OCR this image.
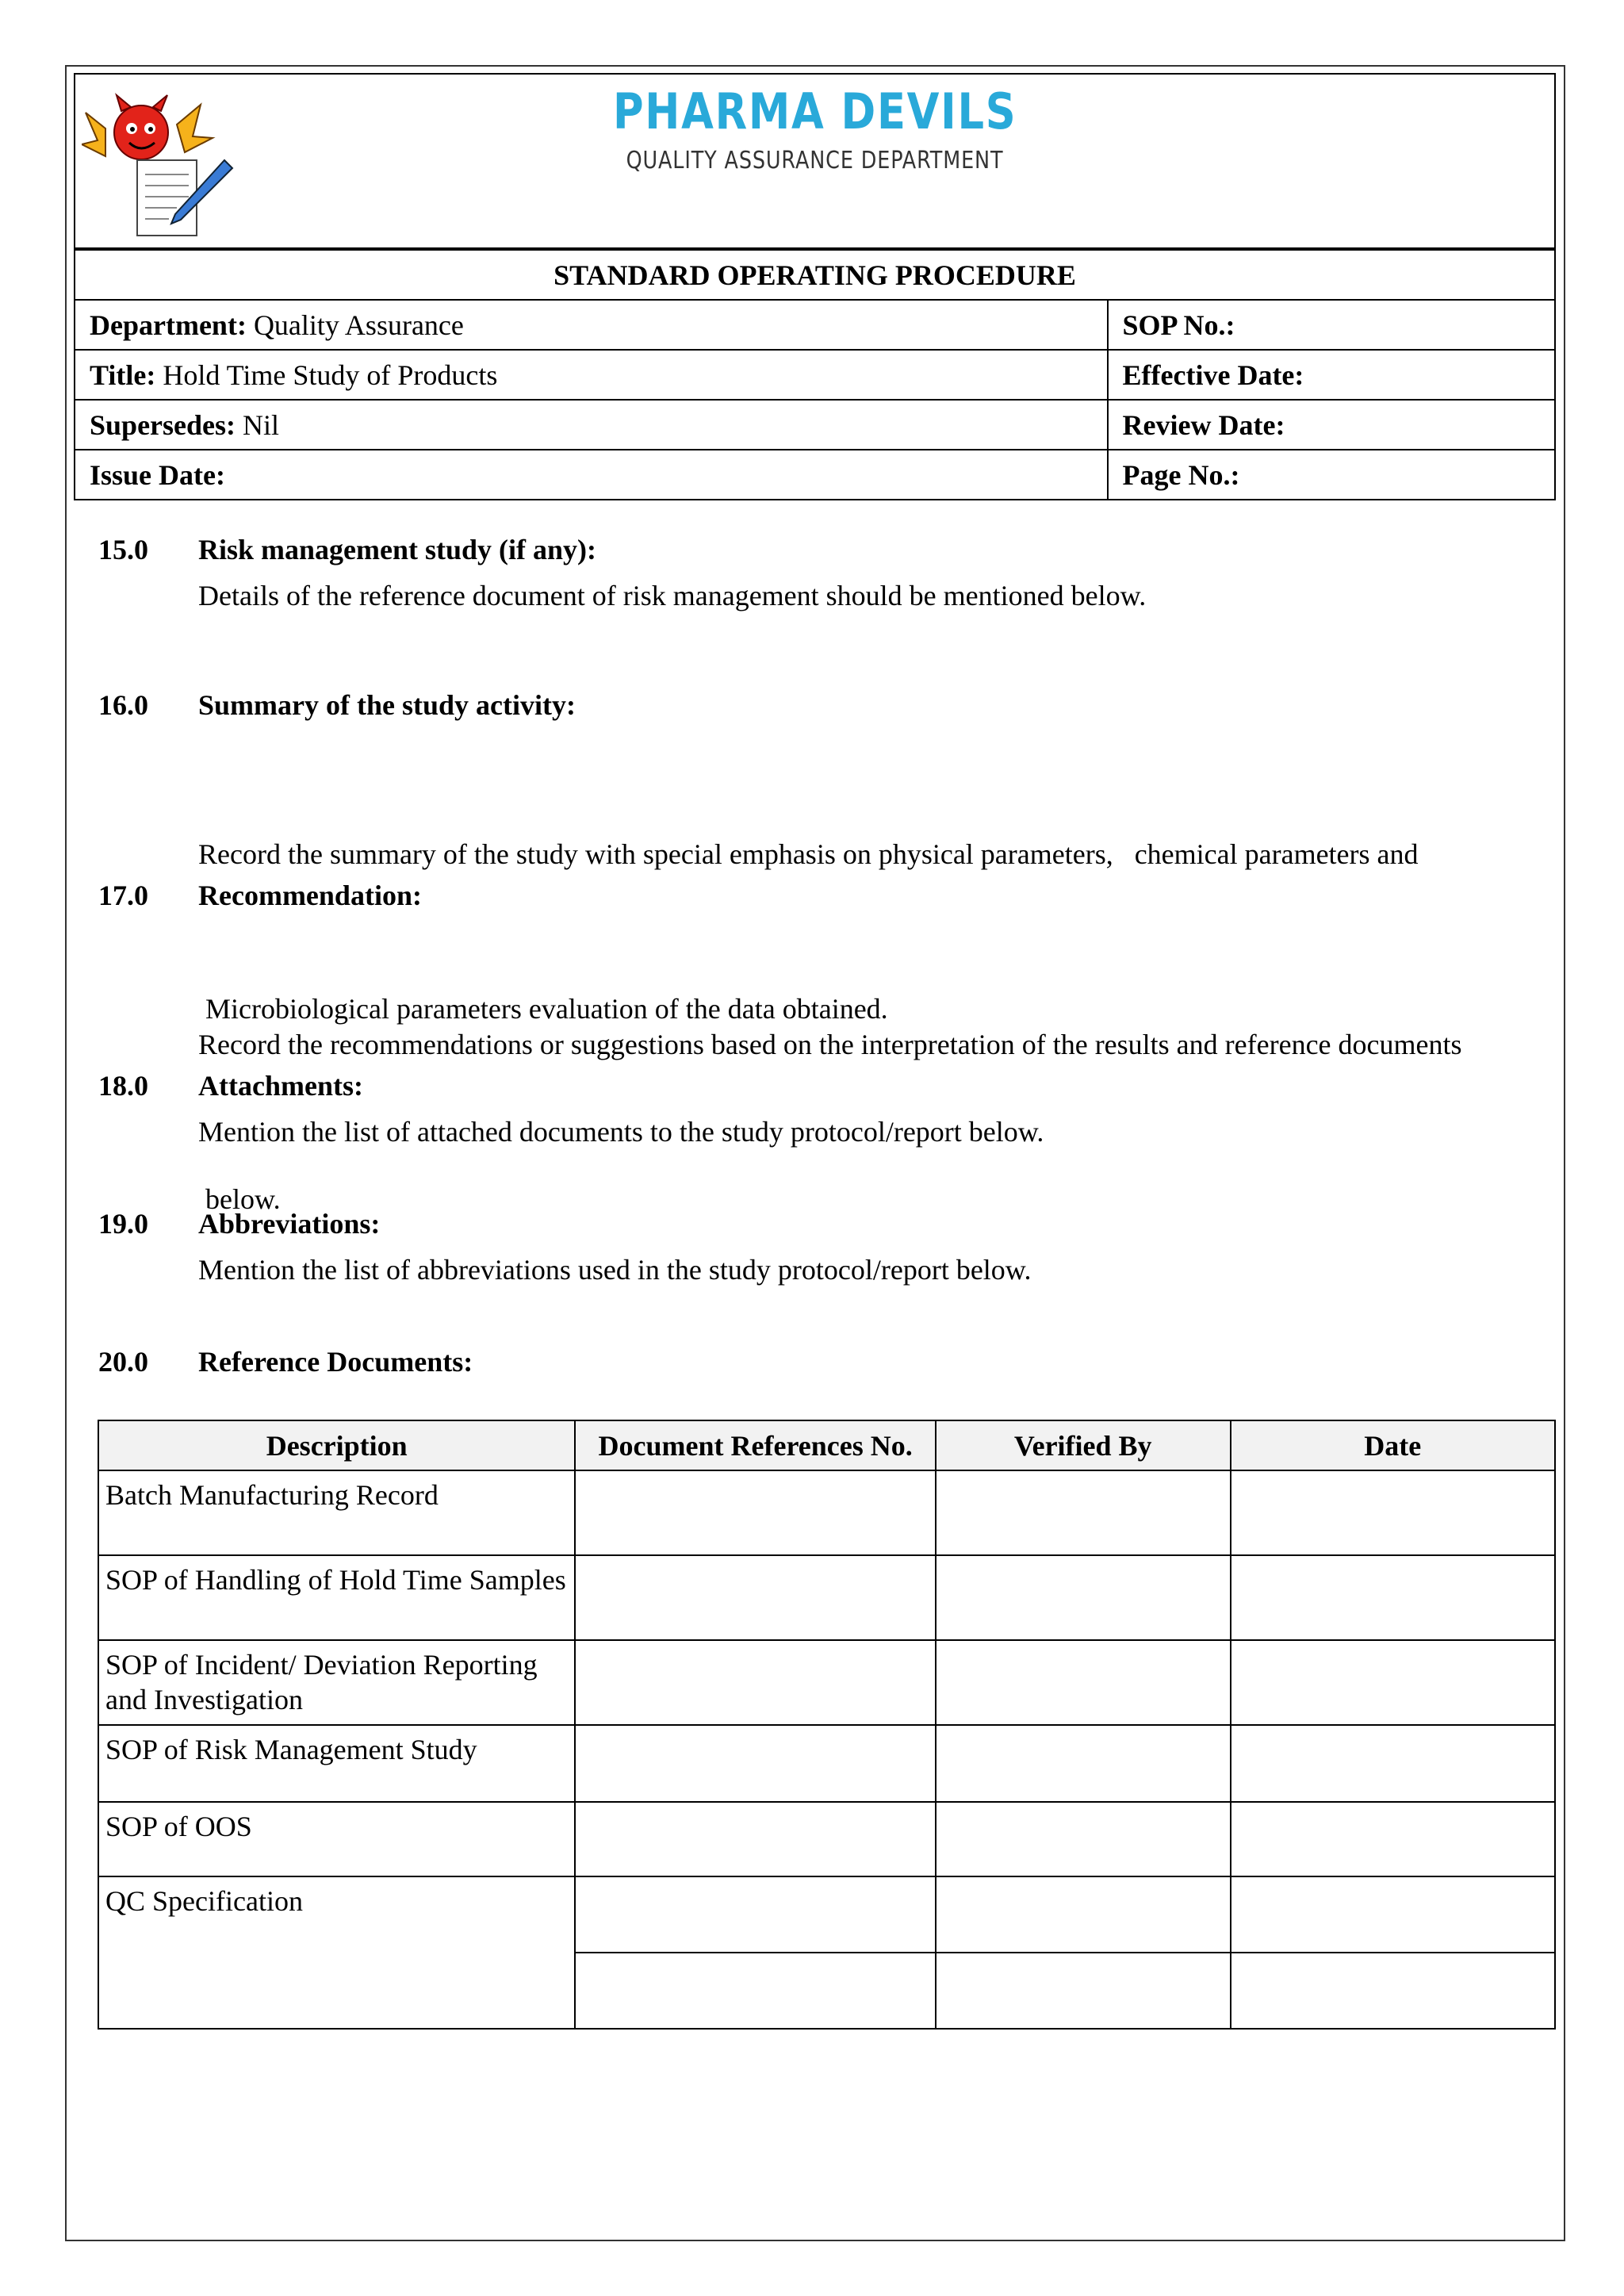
PHARMA DEVILS
QUALITY ASSURANCE DEPARTMENT
STANDARD OPERATING PROCEDURE	
Department: Quality Assurance	SOP No.:
Title: Hold Time Study of Products	Effective Date:
Supersedes: Nil	Review Date:
Issue Date:	Page No.:
15.0	Risk management study (if any):
Details of the reference document of risk management should be mentioned below.
16.0	Summary of the study activity:

Record the summary of the study with special emphasis on physical parameters,   chemical parameters and

Microbiological parameters evaluation of the data obtained.

17.0	Recommendation:

Record the recommendations or suggestions based on the interpretation of the results and reference documents

below.

18.0	Attachments:
Mention the list of attached documents to the study protocol/report below.
19.0	Abbreviations:
Mention the list of abbreviations used in the study protocol/report below.
20.0	Reference Documents:
Description	Document References No.	Verified By	Date
Batch Manufacturing Record			
SOP of Handling of Hold Time Samples			
SOP of Incident/ Deviation Reporting and Investigation			
SOP of Risk Management Study			
SOP of OOS			
QC Specification			
